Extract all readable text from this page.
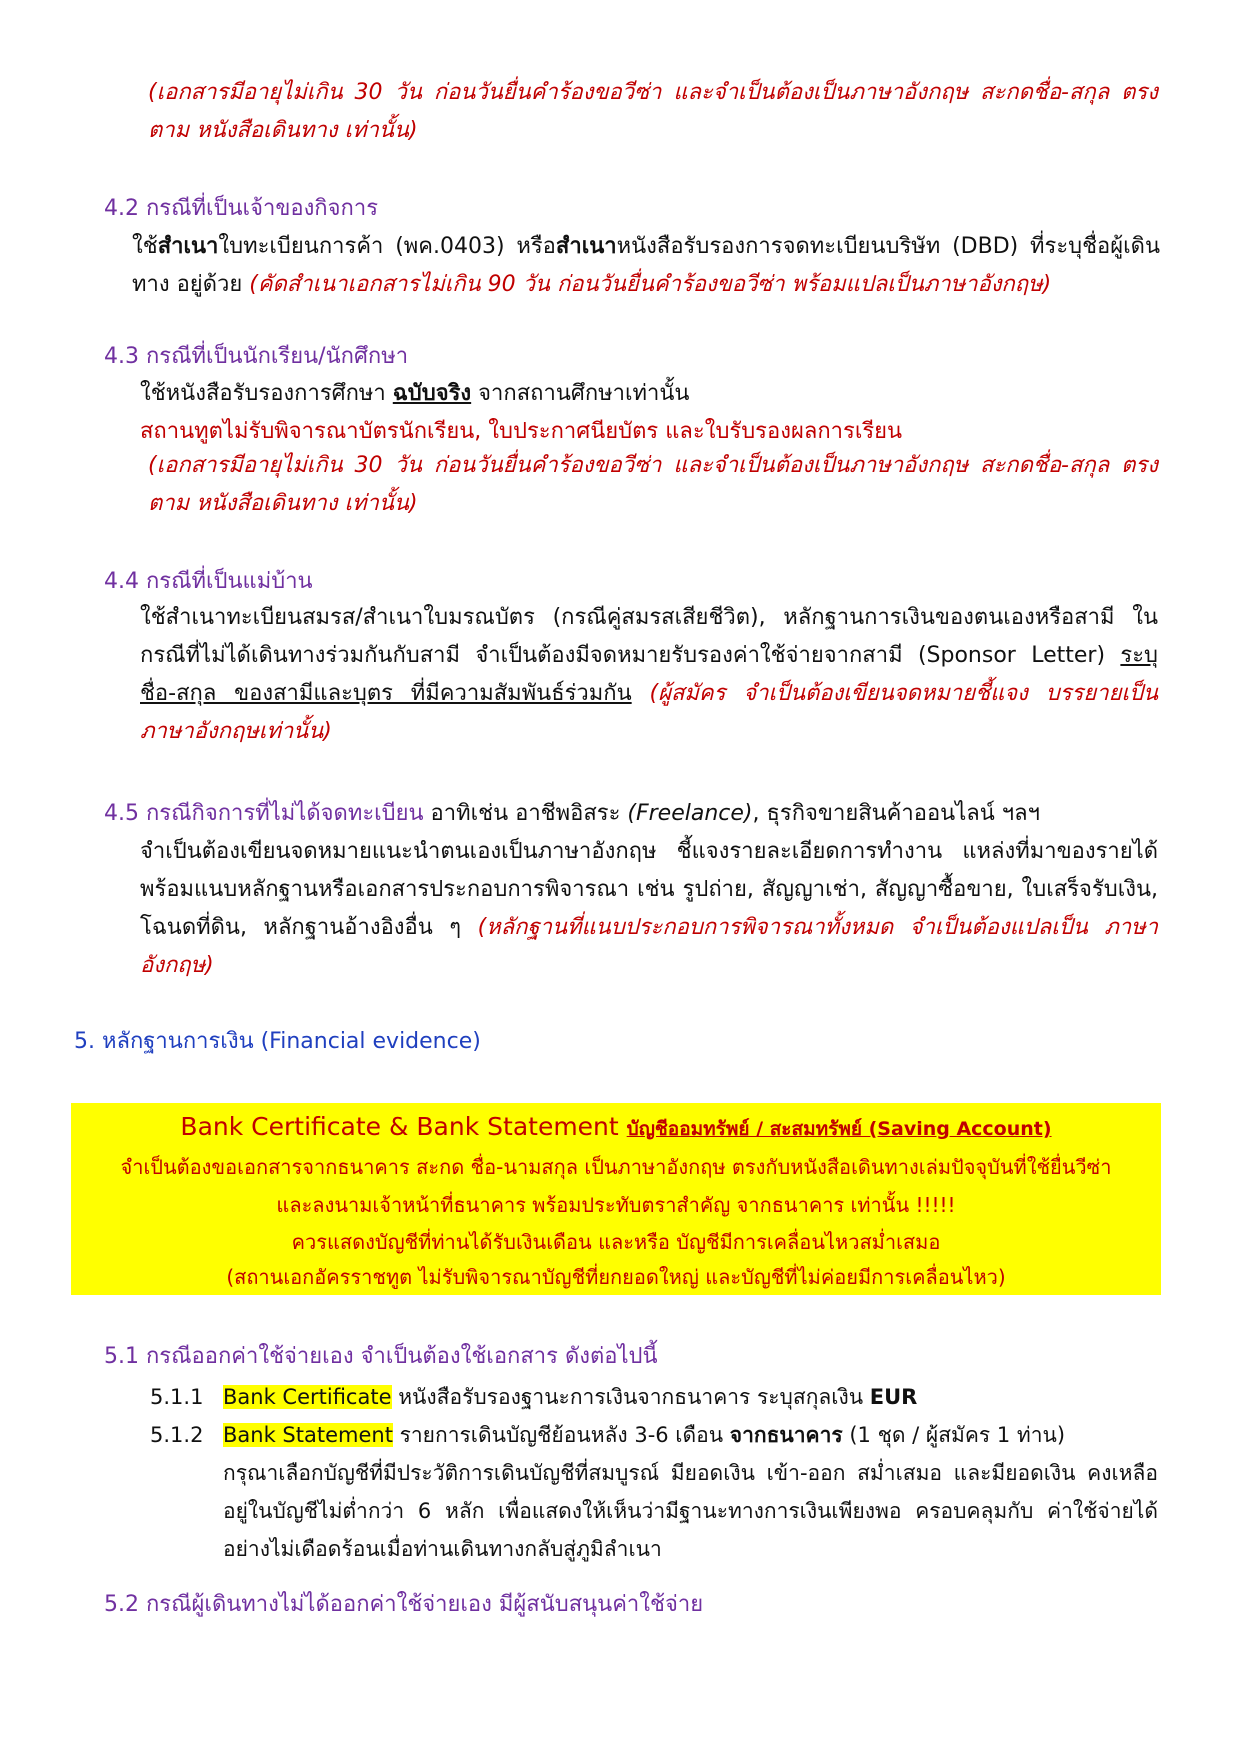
(เอกสารมีอายุไม่เกิน 30 วัน ก่อนวันยื่นคำร้องขอวีซ่า และจำเป็นต้องเป็นภาษาอังกฤษ สะกดชื่อ-สกุล ตรงตาม หนังสือเดินทาง เท่านั้น)

4.2 กรณีที่เป็นเจ้าของกิจการ

ใช้สำเนาใบทะเบียนการค้า (พค.0403) หรือสำเนาหนังสือรับรองการจดทะเบียนบริษัท (DBD) ที่ระบุชื่อผู้เดินทาง อยู่ด้วย (คัดสำเนาเอกสารไม่เกิน 90 วัน ก่อนวันยื่นคำร้องขอวีซ่า พร้อมแปลเป็นภาษาอังกฤษ)

4.3 กรณีที่เป็นนักเรียน/นักศึกษา

ใช้หนังสือรับรองการศึกษา ฉบับจริง จากสถานศึกษาเท่านั้น

สถานทูตไม่รับพิจารณาบัตรนักเรียน, ใบประกาศนียบัตร และใบรับรองผลการเรียน

(เอกสารมีอายุไม่เกิน 30 วัน ก่อนวันยื่นคำร้องขอวีซ่า และจำเป็นต้องเป็นภาษาอังกฤษ สะกดชื่อ-สกุล ตรงตาม หนังสือเดินทาง เท่านั้น)

4.4 กรณีที่เป็นแม่บ้าน

ใช้สำเนาทะเบียนสมรส/สำเนาใบมรณบัตร (กรณีคู่สมรสเสียชีวิต), หลักฐานการเงินของตนเองหรือสามี ใน กรณีที่ไม่ได้เดินทางร่วมกันกับสามี จำเป็นต้องมีจดหมายรับรองค่าใช้จ่ายจากสามี (Sponsor Letter) ระบุชื่อ-สกุล ของสามีและบุตร ที่มีความสัมพันธ์ร่วมกัน (ผู้สมัคร จำเป็นต้องเขียนจดหมายชี้แจง บรรยายเป็น ภาษาอังกฤษเท่านั้น)

4.5 กรณีกิจการที่ไม่ได้จดทะเบียน อาทิเช่น อาชีพอิสระ (Freelance), ธุรกิจขายสินค้าออนไลน์ ฯลฯ

จำเป็นต้องเขียนจดหมายแนะนำตนเองเป็นภาษาอังกฤษ ชี้แจงรายละเอียดการทำงาน แหล่งที่มาของรายได้ พร้อมแนบหลักฐานหรือเอกสารประกอบการพิจารณา เช่น รูปถ่าย, สัญญาเช่า, สัญญาซื้อขาย, ใบเสร็จรับเงิน, โฉนดที่ดิน, หลักฐานอ้างอิงอื่น ๆ (หลักฐานที่แนบประกอบการพิจารณาทั้งหมด จำเป็นต้องแปลเป็น ภาษาอังกฤษ)

5. หลักฐานการเงิน (Financial evidence)
Bank Certificate & Bank Statement บัญชีออมทรัพย์ / สะสมทรัพย์ (Saving Account)
จำเป็นต้องขอเอกสารจากธนาคาร สะกด ชื่อ-นามสกุล เป็นภาษาอังกฤษ ตรงกับหนังสือเดินทางเล่มปัจจุบันที่ใช้ยื่นวีซ่า
และลงนามเจ้าหน้าที่ธนาคาร พร้อมประทับตราสำคัญ จากธนาคาร เท่านั้น !!!!!
ควรแสดงบัญชีที่ท่านได้รับเงินเดือน และหรือ บัญชีมีการเคลื่อนไหวสม่ำเสมอ
(สถานเอกอัครราชทูต ไม่รับพิจารณาบัญชีที่ยกยอดใหญ่ และบัญชีที่ไม่ค่อยมีการเคลื่อนไหว)
5.1 กรณีออกค่าใช้จ่ายเอง จำเป็นต้องใช้เอกสาร ดังต่อไปนี้
5.1.1 Bank Certificate หนังสือรับรองฐานะการเงินจากธนาคาร ระบุสกุลเงิน EUR

5.1.2 Bank Statement รายการเดินบัญชีย้อนหลัง 3-6 เดือน จากธนาคาร (1 ชุด / ผู้สมัคร 1 ท่าน)

กรุณาเลือกบัญชีที่มีประวัติการเดินบัญชีที่สมบูรณ์ มียอดเงิน เข้า-ออก สม่ำเสมอ และมียอดเงิน คงเหลืออยู่ในบัญชีไม่ต่ำกว่า 6 หลัก เพื่อแสดงให้เห็นว่ามีฐานะทางการเงินเพียงพอ ครอบคลุมกับ ค่าใช้จ่ายได้อย่างไม่เดือดร้อนเมื่อท่านเดินทางกลับสู่ภูมิลำเนา

5.2 กรณีผู้เดินทางไม่ได้ออกค่าใช้จ่ายเอง มีผู้สนับสนุนค่าใช้จ่าย
